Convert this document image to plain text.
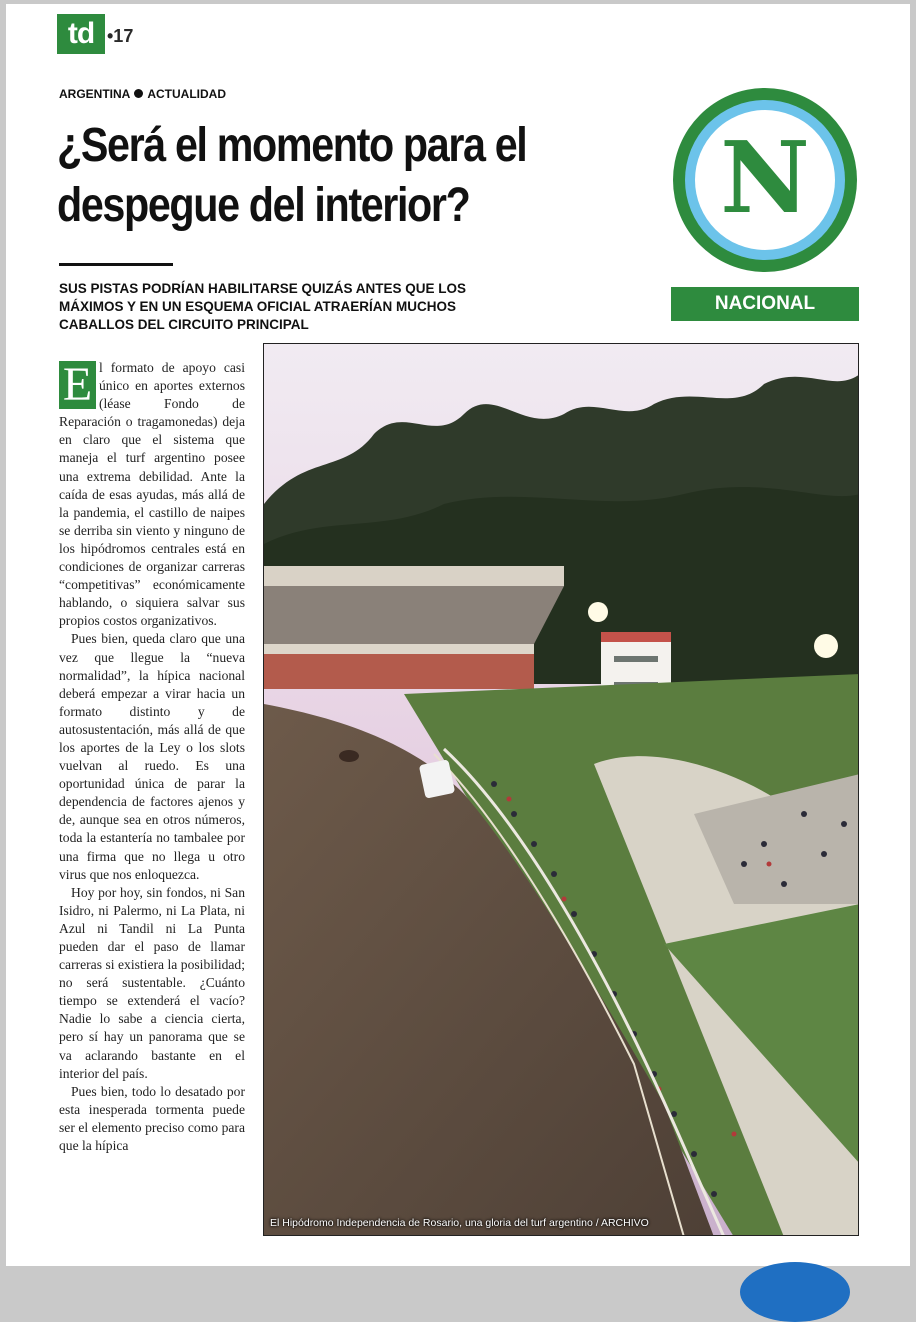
td •17
ARGENTINA ACTUALIDAD
¿Será el momento para el despegue del interior?
SUS PISTAS PODRÍAN HABILITARSE QUIZÁS ANTES QUE LOS MÁXIMOS Y EN UN ESQUEMA OFICIAL ATRAERÍAN MUCHOS CABALLOS DEL CIRCUITO PRINCIPAL
N
NACIONAL

E l formato de apoyo casi único en aportes externos (léase Fondo de Reparación o tragamonedas) deja en claro que el sistema que maneja el turf argentino posee una extrema debilidad. Ante la caída de esas ayudas, más allá de la pandemia, el castillo de naipes se derriba sin viento y ninguno de los hipódromos centrales está en condiciones de organizar carreras “competitivas” económicamente hablando, o siquiera salvar sus propios costos organizativos.

Pues bien, queda claro que una vez que llegue la “nueva normalidad”, la hípica nacional deberá empezar a virar hacia un formato distinto y de autosustentación, más allá de que los aportes de la Ley o los slots vuelvan al ruedo. Es una oportunidad única de parar la dependencia de factores ajenos y de, aunque sea en otros números, toda la estantería no tambalee por una firma que no llega u otro virus que nos enloquezca.

Hoy por hoy, sin fondos, ni San Isidro, ni Palermo, ni La Plata, ni Azul ni Tandil ni La Punta pueden dar el paso de llamar carreras si existiera la posibilidad; no será sustentable. ¿Cuánto tiempo se extenderá el vacío? Nadie lo sabe a ciencia cierta, pero sí hay un panorama que se va aclarando bastante en el interior del país.

Pues bien, todo lo desatado por esta inesperada tormenta puede ser el elemento preciso como para que la hípica

El Hipódromo Independencia de Rosario, una gloria del turf argentino / ARCHIVO
